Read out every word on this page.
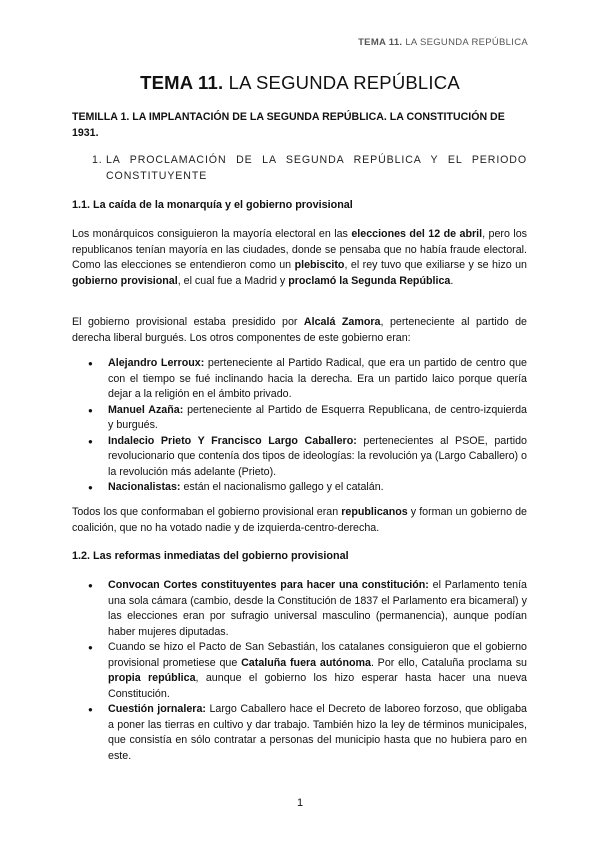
TEMA 11. LA SEGUNDA REPÚBLICA
TEMA 11. LA SEGUNDA REPÚBLICA
TEMILLA 1. LA IMPLANTACIÓN DE LA SEGUNDA REPÚBLICA. LA CONSTITUCIÓN DE 1931.
1. LA PROCLAMACIÓN DE LA SEGUNDA REPÚBLICA Y EL PERIODO CONSTITUYENTE
1.1. La caída de la monarquía y el gobierno provisional
Los monárquicos consiguieron la mayoría electoral en las elecciones del 12 de abril, pero los republicanos tenían mayoría en las ciudades, donde se pensaba que no había fraude electoral. Como las elecciones se entendieron como un plebiscito, el rey tuvo que exiliarse y se hizo un gobierno provisional, el cual fue a Madrid y proclamó la Segunda República.
El gobierno provisional estaba presidido por Alcalá Zamora, perteneciente al partido de derecha liberal burgués. Los otros componentes de este gobierno eran:
● Alejandro Lerroux: perteneciente al Partido Radical, que era un partido de centro que con el tiempo se fué inclinando hacia la derecha. Era un partido laico porque quería dejar a la religión en el ámbito privado.
● Manuel Azaña: perteneciente al Partido de Esquerra Republicana, de centro-izquierda y burgués.
● Indalecio Prieto Y Francisco Largo Caballero: pertenecientes al PSOE, partido revolucionario que contenía dos tipos de ideologías: la revolución ya (Largo Caballero) o la revolución más adelante (Prieto).
● Nacionalistas: están el nacionalismo gallego y el catalán.
Todos los que conformaban el gobierno provisional eran republicanos y forman un gobierno de coalición, que no ha votado nadie y de izquierda-centro-derecha.
1.2. Las reformas inmediatas del gobierno provisional
● Convocan Cortes constituyentes para hacer una constitución: el Parlamento tenía una sola cámara (cambio, desde la Constitución de 1837 el Parlamento era bicameral) y las elecciones eran por sufragio universal masculino (permanencia), aunque podían haber mujeres diputadas.
● Cuando se hizo el Pacto de San Sebastián, los catalanes consiguieron que el gobierno provisional prometiese que Cataluña fuera autónoma. Por ello, Cataluña proclama su propia república, aunque el gobierno los hizo esperar hasta hacer una nueva Constitución.
● Cuestión jornalera: Largo Caballero hace el Decreto de laboreo forzoso, que obligaba a poner las tierras en cultivo y dar trabajo. También hizo la ley de términos municipales, que consistía en sólo contratar a personas del municipio hasta que no hubiera paro en este.
1
